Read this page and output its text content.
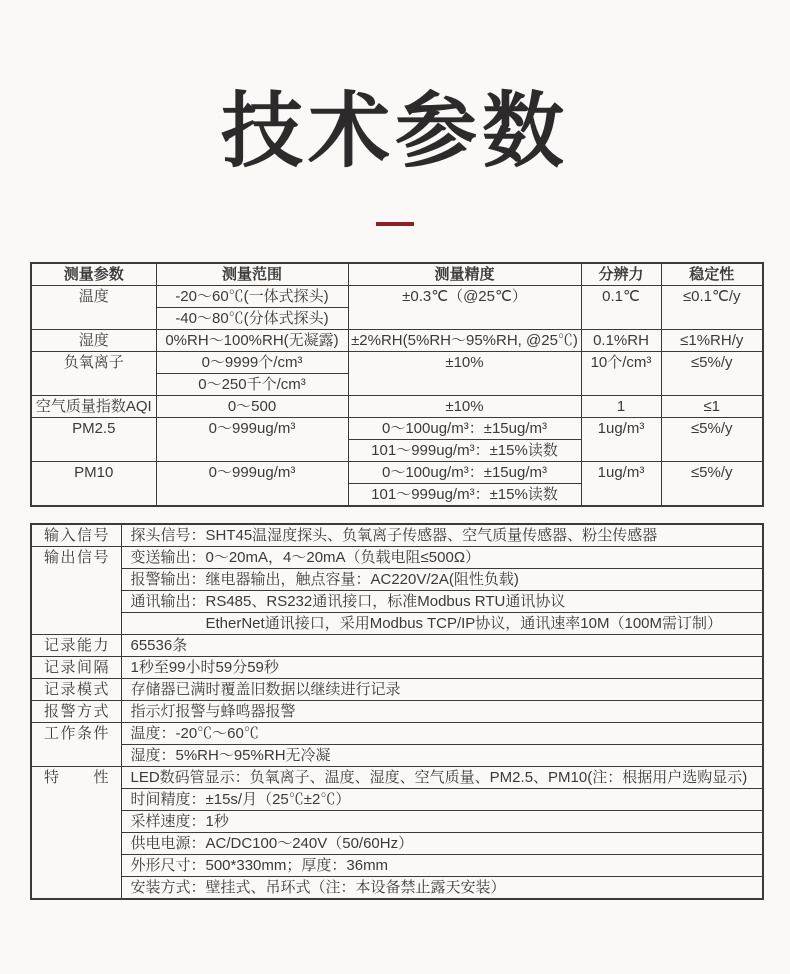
技术参数
测量参数	测量范围	测量精度	分辨力	稳定性
温度	-20～60℃(一体式探头)	±0.3℃（@25℃）	0.1℃	≤0.1℃/y
	-40～80℃(分体式探头)			
湿度	0%RH～100%RH(无凝露)	±2%RH(5%RH～95%RH, @25℃)	0.1%RH	≤1%RH/y
负氧离子	0～9999个/cm³	±10%	10个/cm³	≤5%/y
	0～250千个/cm³			
空气质量指数AQI	0～500	±10%	1	≤1
PM2.5	0～999ug/m³	0～100ug/m³：±15ug/m³	1ug/m³	≤5%/y
		101～999ug/m³：±15%读数		
PM10	0～999ug/m³	0～100ug/m³：±15ug/m³	1ug/m³	≤5%/y
		101～999ug/m³：±15%读数		
输入信号	探头信号：SHT45温湿度探头、负氧离子传感器、空气质量传感器、粉尘传感器
输出信号	变送输出：0～20mA，4～20mA（负载电阻≤500Ω）
	报警输出：继电器输出，触点容量：AC220V/2A(阻性负载)
	通讯输出：RS485、RS232通讯接口，标准Modbus RTU通讯协议
	EtherNet通讯接口，采用Modbus TCP/IP协议，通讯速率10M（100M需订制）
记录能力	65536条
记录间隔	1秒至99小时59分59秒
记录模式	存储器已满时覆盖旧数据以继续进行记录
报警方式	指示灯报警与蜂鸣器报警
工作条件	温度：-20℃～60℃
	湿度：5%RH～95%RH无冷凝
特性	LED数码管显示：负氧离子、温度、湿度、空气质量、PM2.5、PM10(注：根据用户选购显示)
	时间精度：±15s/月（25℃±2℃）
	采样速度：1秒
	供电电源：AC/DC100～240V（50/60Hz）
	外形尺寸：500*330mm；厚度：36mm
	安装方式：壁挂式、吊环式（注：本设备禁止露天安装）
